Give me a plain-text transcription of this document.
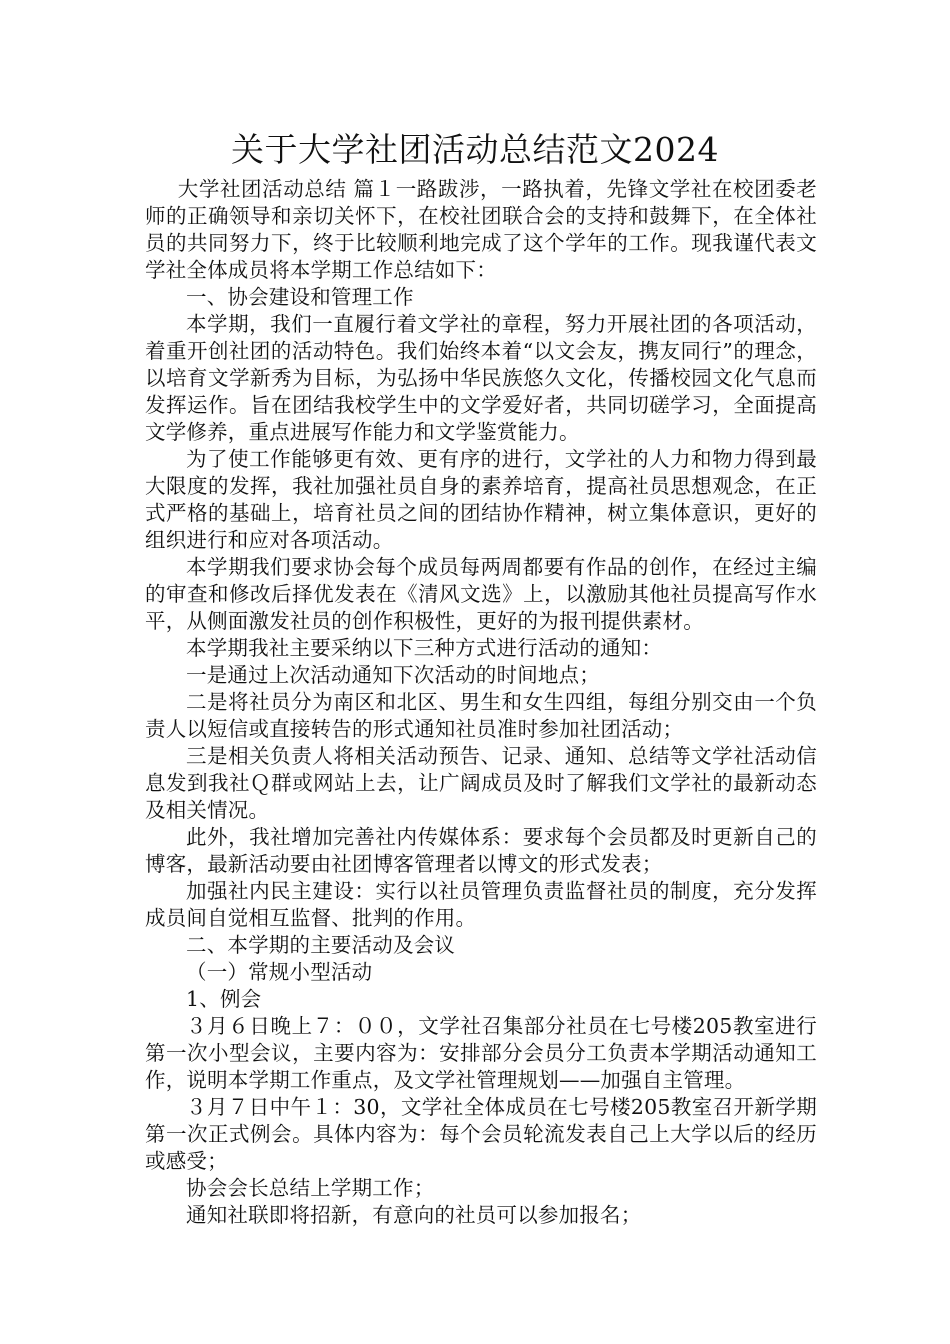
关于大学社团活动总结范文2024

大学社团活动总结 篇１一路跋涉，一路执着，先锋文学社在校团委老师的正确领导和亲切关怀下，在校社团联合会的支持和鼓舞下，在全体社员的共同努力下，终于比较顺利地完成了这个学年的工作。现我谨代表文学社全体成员将本学期工作总结如下：

一、协会建设和管理工作

本学期，我们一直履行着文学社的章程，努力开展社团的各项活动，着重开创社团的活动特色。我们始终本着“以文会友，携友同行”的理念，以培育文学新秀为目标，为弘扬中华民族悠久文化，传播校园文化气息而发挥运作。旨在团结我校学生中的文学爱好者，共同切磋学习，全面提高文学修养，重点进展写作能力和文学鉴赏能力。

为了使工作能够更有效、更有序的进行，文学社的人力和物力得到最大限度的发挥，我社加强社员自身的素养培育，提高社员思想观念，在正式严格的基础上，培育社员之间的团结协作精神，树立集体意识，更好的组织进行和应对各项活动。

本学期我们要求协会每个成员每两周都要有作品的创作，在经过主编的审查和修改后择优发表在《清风文选》上，以激励其他社员提高写作水平，从侧面激发社员的创作积极性，更好的为报刊提供素材。

本学期我社主要采纳以下三种方式进行活动的通知：

一是通过上次活动通知下次活动的时间地点；

二是将社员分为南区和北区、男生和女生四组，每组分别交由一个负责人以短信或直接转告的形式通知社员准时参加社团活动；

三是相关负责人将相关活动预告、记录、通知、总结等文学社活动信息发到我社Ｑ群或网站上去，让广阔成员及时了解我们文学社的最新动态及相关情况。

此外，我社增加完善社内传媒体系：要求每个会员都及时更新自己的博客，最新活动要由社团博客管理者以博文的形式发表；

加强社内民主建设：实行以社员管理负责监督社员的制度，充分发挥成员间自觉相互监督、批判的作用。

二、本学期的主要活动及会议

（一）常规小型活动

1、例会

３月６日晚上７：００，文学社召集部分社员在七号楼205教室进行第一次小型会议，主要内容为：安排部分会员分工负责本学期活动通知工作，说明本学期工作重点，及文学社管理规划——加强自主管理。

３月７日中午１：30，文学社全体成员在七号楼205教室召开新学期第一次正式例会。具体内容为：每个会员轮流发表自己上大学以后的经历或感受；

协会会长总结上学期工作；

通知社联即将招新，有意向的社员可以参加报名；
